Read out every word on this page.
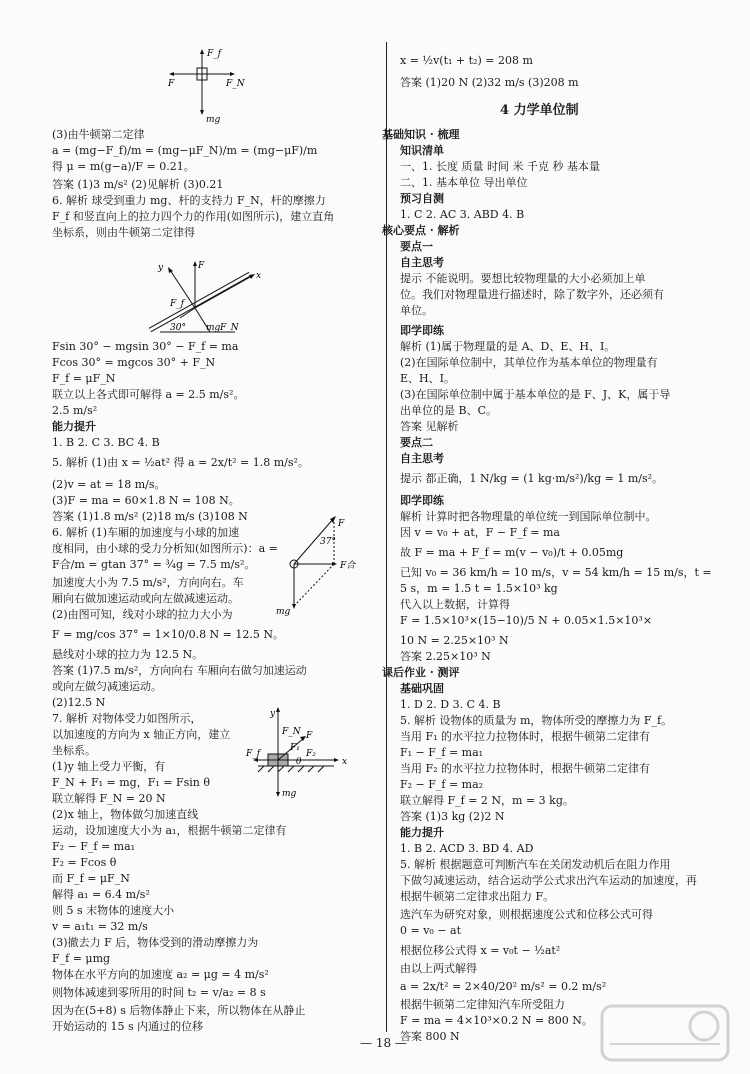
F_f
F	F_N
mg
y
x
F
F_f
30° mg F_N
F
37°
F合
mg
y
F_N F
F₁
F₂
F_f
θ	x
mg
(3)由牛顿第二定律
a = (mg−F_f)/m = (mg−μF_N)/m = (mg−μF)/m
得 μ = m(g−a)/F = 0.21。
答案 (1)3 m/s² (2)见解析 (3)0.21
6. 解析 球受到重力 mg、杆的支持力 F_N，杆的摩擦力
F_f 和竖直向上的拉力四个力的作用(如图所示)，建立直角
坐标系，则由牛顿第二定律得
Fsin 30° − mgsin 30° − F_f = ma
Fcos 30° = mgcos 30° + F_N
F_f = μF_N
联立以上各式即可解得 a = 2.5 m/s²。
2.5 m/s²
能力提升
1. B 2. C 3. BC 4. B
5. 解析 (1)由 x = ½at² 得 a = 2x/t² = 1.8 m/s²。
(2)v = at = 18 m/s。
(3)F = ma = 60×1.8 N = 108 N。
答案 (1)1.8 m/s² (2)18 m/s (3)108 N
6. 解析 (1)车厢的加速度与小球的加速
度相同，由小球的受力分析知(如图所示)：a =
F合/m = gtan 37° = ¾g = 7.5 m/s²。
加速度大小为 7.5 m/s²，方向向右。车
厢向右做加速运动或向左做减速运动。
(2)由图可知，线对小球的拉力大小为
F = mg/cos 37° = 1×10/0.8 N = 12.5 N。
悬线对小球的拉力为 12.5 N。
答案 (1)7.5 m/s²，方向向右 车厢向右做匀加速运动
或向左做匀减速运动。
(2)12.5 N
7. 解析 对物体受力如图所示，
以加速度的方向为 x 轴正方向，建立
坐标系。
(1)y 轴上受力平衡，有
F_N + F₁ = mg，F₁ = Fsin θ
联立解得 F_N = 20 N
(2)x 轴上，物体做匀加速直线
运动，设加速度大小为 a₁，根据牛顿第二定律有
F₂ − F_f = ma₁
F₂ = Fcos θ
而 F_f = μF_N
解得 a₁ = 6.4 m/s²
则 5 s 末物体的速度大小
v = a₁t₁ = 32 m/s
(3)撤去力 F 后，物体受到的滑动摩擦力为
F_f = μmg
物体在水平方向的加速度 a₂ = μg = 4 m/s²
则物体减速到零所用的时间 t₂ = v/a₂ = 8 s
因为在(5+8) s 后物体静止下来，所以物体在从静止
开始运动的 15 s 内通过的位移
x = ½v(t₁ + t₂) = 208 m
答案 (1)20 N (2)32 m/s (3)208 m
4 力学单位制
基础知识 · 梳理
知识清单
一、1. 长度 质量 时间 米 千克 秒 基本量
二、1. 基本单位 导出单位
预习自测
1. C 2. AC 3. ABD 4. B
核心要点 · 解析
要点一
自主思考
提示 不能说明。要想比较物理量的大小必须加上单
位。我们对物理量进行描述时，除了数字外，还必须有
单位。
即学即练
解析 (1)属于物理量的是 A、D、E、H、I。
(2)在国际单位制中，其单位作为基本单位的物理量有
E、H、I。
(3)在国际单位制中属于基本单位的是 F、J、K，属于导
出单位的是 B、C。
答案 见解析
要点二
自主思考
提示 都正确，1 N/kg = (1 kg·m/s²)/kg = 1 m/s²。
即学即练
解析 计算时把各物理量的单位统一到国际单位制中。
因 v = v₀ + at，F − F_f = ma
故 F = ma + F_f = m(v − v₀)/t + 0.05mg
已知 v₀ = 36 km/h = 10 m/s，v = 54 km/h = 15 m/s，t =
5 s，m = 1.5 t = 1.5×10³ kg
代入以上数据，计算得
F = 1.5×10³×(15−10)/5 N + 0.05×1.5×10³×
10 N = 2.25×10³ N
答案 2.25×10³ N
课后作业 · 测评
基础巩固
1. D 2. D 3. C 4. B
5. 解析 设物体的质量为 m，物体所受的摩擦力为 F_f。
当用 F₁ 的水平拉力拉物体时，根据牛顿第二定律有
F₁ − F_f = ma₁
当用 F₂ 的水平拉力拉物体时，根据牛顿第二定律有
F₂ − F_f = ma₂
联立解得 F_f = 2 N，m = 3 kg。
答案 (1)3 kg (2)2 N
能力提升
1. B 2. ACD 3. BD 4. AD
5. 解析 根据题意可判断汽车在关闭发动机后在阻力作用
下做匀减速运动，结合运动学公式求出汽车运动的加速度，再
根据牛顿第二定律求出阻力 F。
选汽车为研究对象，则根据速度公式和位移公式可得
0 = v₀ − at
根据位移公式得 x = v₀t − ½at²
由以上两式解得
a = 2x/t² = 2×40/20² m/s² = 0.2 m/s²
根据牛顿第二定律知汽车所受阻力
F = ma = 4×10³×0.2 N = 800 N。
答案 800 N
— 18 —
